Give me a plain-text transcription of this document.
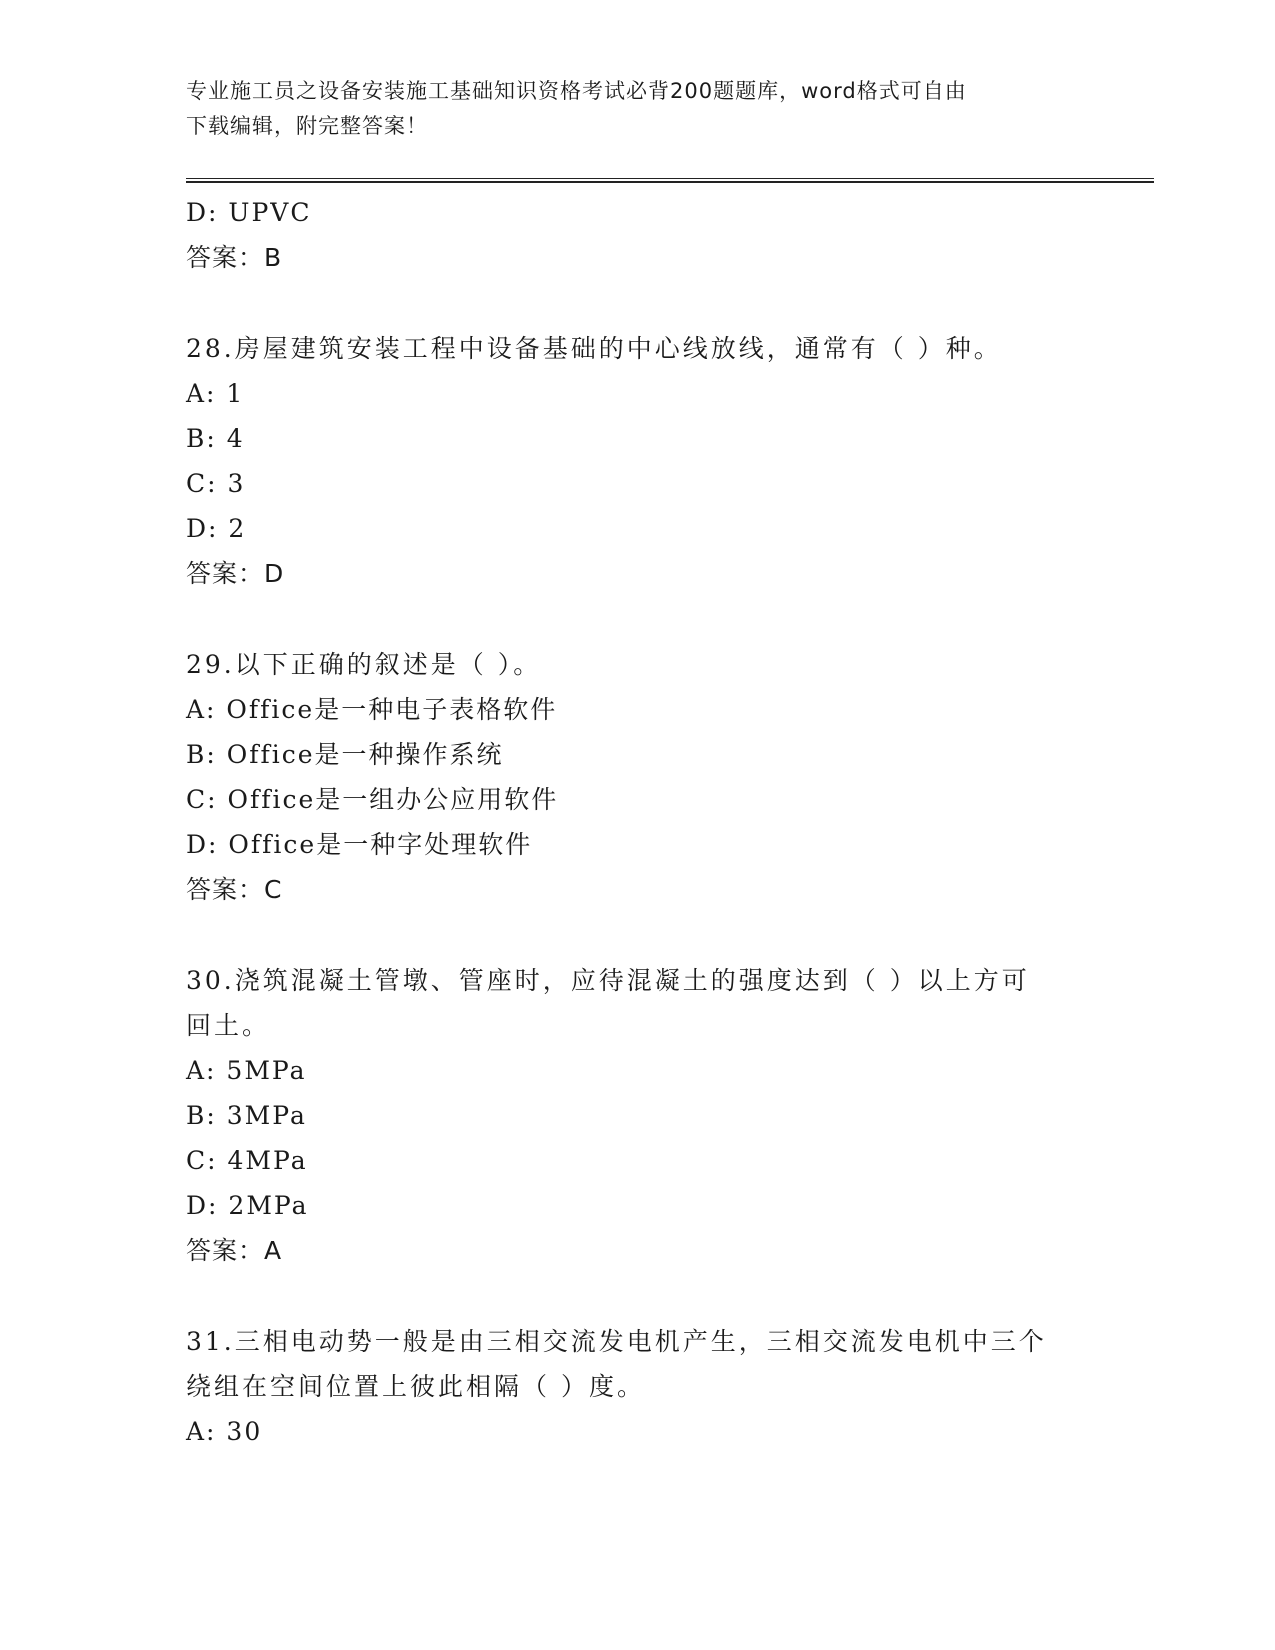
专业施工员之设备安装施工基础知识资格考试必背200题题库，word格式可自由
下载编辑，附完整答案！
D: UPVC
答案：B
28.房屋建筑安装工程中设备基础的中心线放线，通常有（ ）种。
A: 1
B: 4
C: 3
D: 2
答案：D
29.以下正确的叙述是（ ）。
A: Office是一种电子表格软件
B: Office是一种操作系统
C: Office是一组办公应用软件
D: Office是一种字处理软件
答案：C
30.浇筑混凝土管墩、管座时，应待混凝土的强度达到（ ）以上方可
回土。
A: 5MPa
B: 3MPa
C: 4MPa
D: 2MPa
答案：A
31.三相电动势一般是由三相交流发电机产生，三相交流发电机中三个
绕组在空间位置上彼此相隔（ ）度。
A: 30
